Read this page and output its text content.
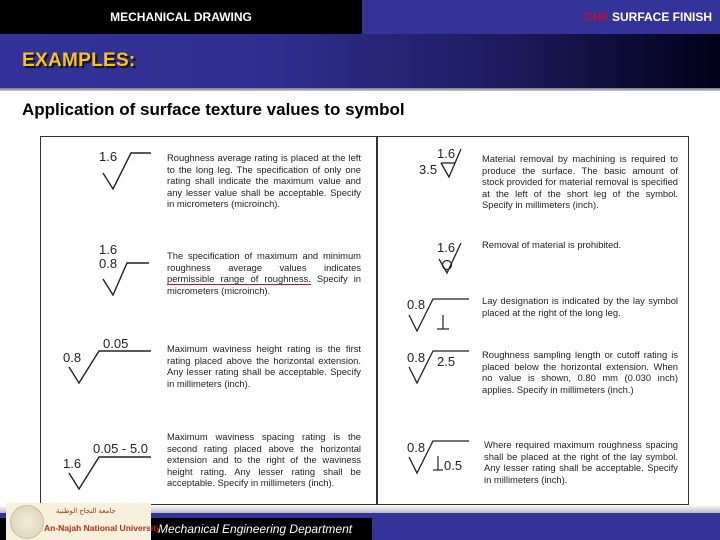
MECHANICAL DRAWING	CH8 SURFACE FINISH
EXAMPLES:
Application of surface texture values to symbol
1.6	Roughness average rating is placed at the left to the long leg. The specification of only one rating shall indicate the maximum value and any lesser value shall be acceptable. Specify in micrometers (microinch).
1.6
0.8
The specification of maximum and minimum roughness average values indicates permissible range of roughness. Specify in micrometers (microinch).
0.8
0.05	Maximum waviness height rating is the first rating placed above the horizontal extension. Any lesser rating shall be acceptable. Specify in millimeters (inch).
1.6
0.05 - 5.0
Maximum waviness spacing rating is the second rating placed above the horizontal extension and to the right of the waviness height rating. Any lesser rating shall be acceptable. Specify in millimeters (inch).
1.6
3.5
Material removal by machining is required to produce the surface. The basic amount of stock provided for material removal is specified at the left of the short leg of the symbol. Specify in millimeters (inch).
1.6	Removal of material is prohibited.
0.8	Lay designation is indicated by the lay symbol placed at the right of the long leg.
0.8 2.5	Roughness sampling length or cutoff rating is placed below the horizontal extension. When no value is shown, 0.80 mm (0.030 inch) applies. Specify in millimeters (inch.)
0.8
0.5
Where required maximum roughness spacing shall be placed at the right of the lay symbol. Any lesser rating shall be acceptable. Specify in millimeters (inch).
Mechanical Engineering Department
جامعة النجاح الوطنية
An-Najah National University
